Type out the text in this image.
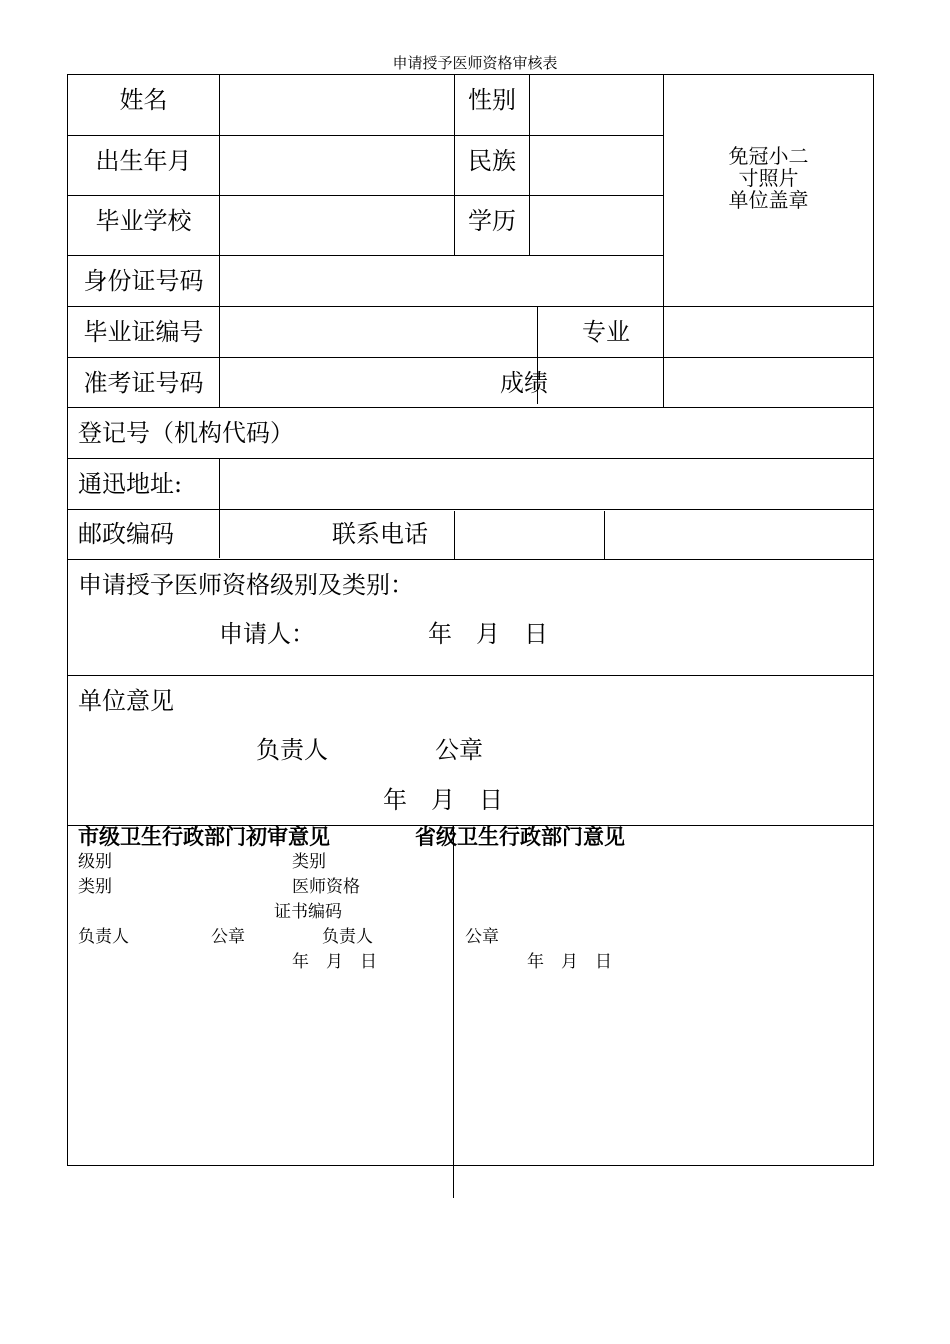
申请授予医师资格审核表
姓名	性别
免冠小二
寸照片
单位盖章
出生年月	民族
毕业学校	学历
身份证号码
毕业证编号	专业
准考证号码	成绩
登记号（机构代码）
通迅地址:
邮政编码	联系电话
申请授予医师资格级别及类别：
申请人：	年　月　日
单位意见
负责人	公章
年　月　日
市级卫生行政部门初审意见	省级卫生行政部门意见
级别	类别
类别	医师资格
证书编码
负责人	公章	负责人	公章
年　月　日	年　月　日
